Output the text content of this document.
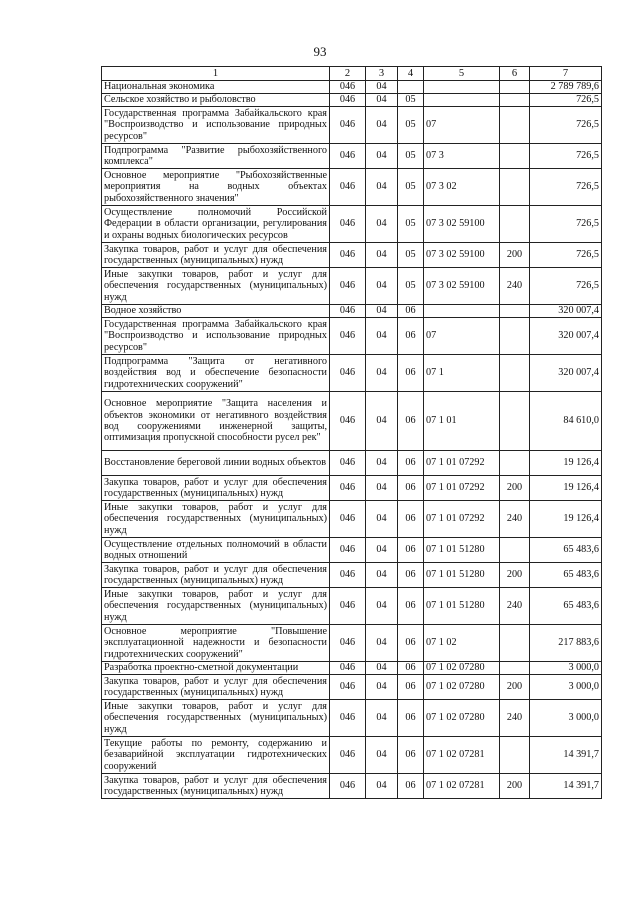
93
1	2	3	4	5	6	7
Национальная экономика	046	04				2 789 789,6
Сельское хозяйство и рыболовство	046	04	05			726,5
Государственная программа Забайкальского края "Воспроизводство и использование природных ресурсов"	046	04	05	07		726,5
Подпрограмма "Развитие рыбохозяйственного комплекса"	046	04	05	07 3		726,5
Основное мероприятие "Рыбохозяйственные мероприятия на водных объектах рыбохозяйственного значения"	046	04	05	07 3 02		726,5
Осуществление полномочий Российской Федерации в области организации, регулирования и охраны водных биологических ресурсов	046	04	05	07 3 02 59100		726,5
Закупка товаров, работ и услуг для обеспечения государственных (муниципальных) нужд	046	04	05	07 3 02 59100	200	726,5
Иные закупки товаров, работ и услуг для обеспечения государственных (муниципальных) нужд	046	04	05	07 3 02 59100	240	726,5
Водное хозяйство	046	04	06			320 007,4
Государственная программа Забайкальского края "Воспроизводство и использование природных ресурсов"	046	04	06	07		320 007,4
Подпрограмма "Защита от негативного воздействия вод и обеспечение безопасности гидротехнических сооружений"	046	04	06	07 1		320 007,4
Основное мероприятие "Защита населения и объектов экономики от негативного воздействия вод сооружениями инженерной защиты, оптимизация пропускной способности русел рек"	046	04	06	07 1 01		84 610,0
Восстановление береговой линии водных объектов	046	04	06	07 1 01 07292		19 126,4
Закупка товаров, работ и услуг для обеспечения государственных (муниципальных) нужд	046	04	06	07 1 01 07292	200	19 126,4
Иные закупки товаров, работ и услуг для обеспечения государственных (муниципальных) нужд	046	04	06	07 1 01 07292	240	19 126,4
Осуществление отдельных полномочий в области водных отношений	046	04	06	07 1 01 51280		65 483,6
Закупка товаров, работ и услуг для обеспечения государственных (муниципальных) нужд	046	04	06	07 1 01 51280	200	65 483,6
Иные закупки товаров, работ и услуг для обеспечения государственных (муниципальных) нужд	046	04	06	07 1 01 51280	240	65 483,6
Основное мероприятие "Повышение эксплуатационной надежности и безопасности гидротехнических сооружений"	046	04	06	07 1 02		217 883,6
Разработка проектно-сметной документации	046	04	06	07 1 02 07280		3 000,0
Закупка товаров, работ и услуг для обеспечения государственных (муниципальных) нужд	046	04	06	07 1 02 07280	200	3 000,0
Иные закупки товаров, работ и услуг для обеспечения государственных (муниципальных) нужд	046	04	06	07 1 02 07280	240	3 000,0
Текущие работы по ремонту, содержанию и безаварийной эксплуатации гидротехнических сооружений	046	04	06	07 1 02 07281		14 391,7
Закупка товаров, работ и услуг для обеспечения государственных (муниципальных) нужд	046	04	06	07 1 02 07281	200	14 391,7
